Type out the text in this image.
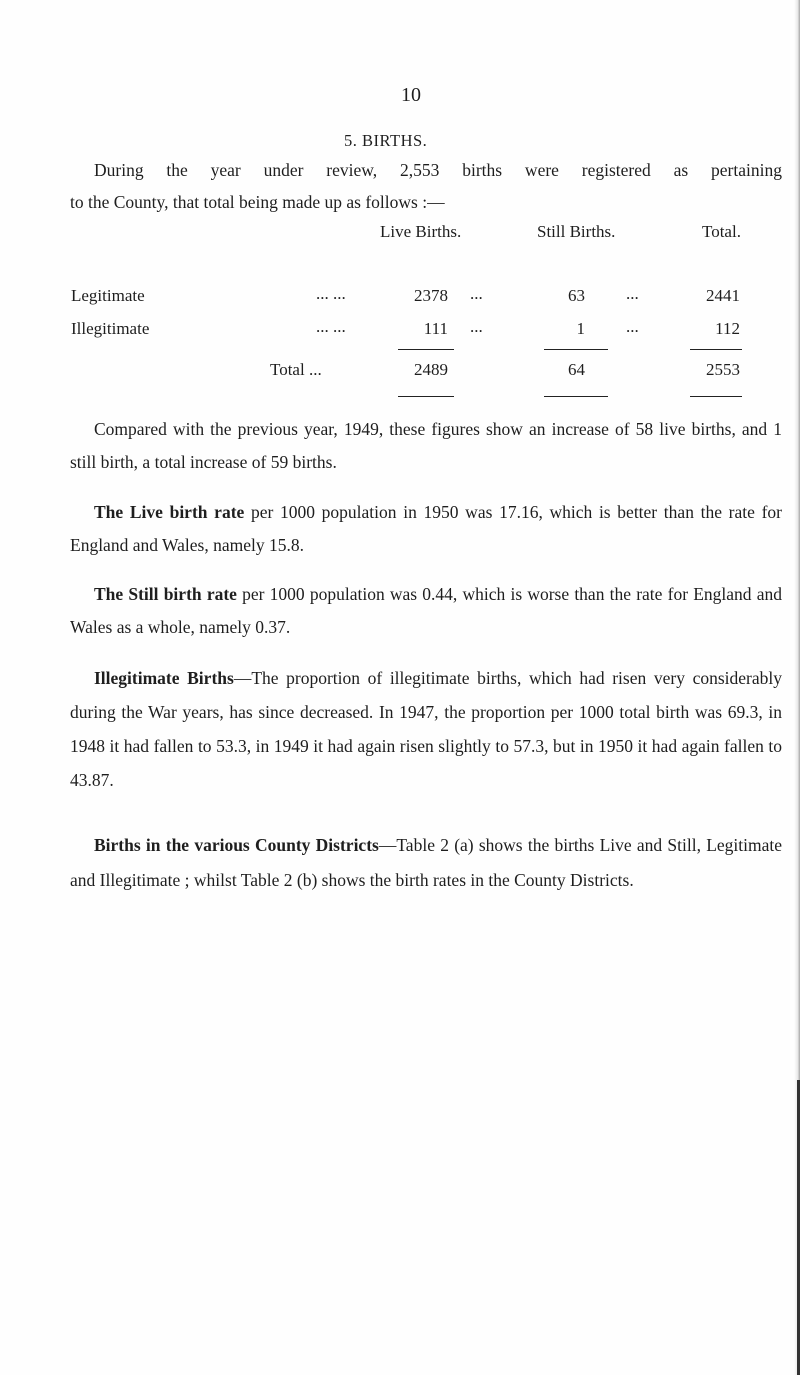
10
5. BIRTHS.
During the year under review, 2,553 births were registered as pertaining
to the County, that total being made up as follows :—
Live Births.	Still Births.	Total.
Legitimate	... ...	2378 ...	63 ...	2441
Illegitimate	... ...	111 ...	1 ...	112
Total ...	2489	64	2553
Compared with the previous year, 1949, these figures show an increase of 58 live births, and 1 still birth, a total increase of 59 births.
The Live birth rate per 1000 population in 1950 was 17.16, which is better than the rate for England and Wales, namely 15.8.
The Still birth rate per 1000 population was 0.44, which is worse than the rate for England and Wales as a whole, namely 0.37.
Illegitimate Births—The proportion of illegitimate births, which had risen very considerably during the War years, has since decreased. In 1947, the proportion per 1000 total birth was 69.3, in 1948 it had fallen to 53.3, in 1949 it had again risen slightly to 57.3, but in 1950 it had again fallen to 43.87.
Births in the various County Districts—Table 2 (a) shows the births Live and Still, Legitimate and Illegitimate ; whilst Table 2 (b) shows the birth rates in the County Districts.
